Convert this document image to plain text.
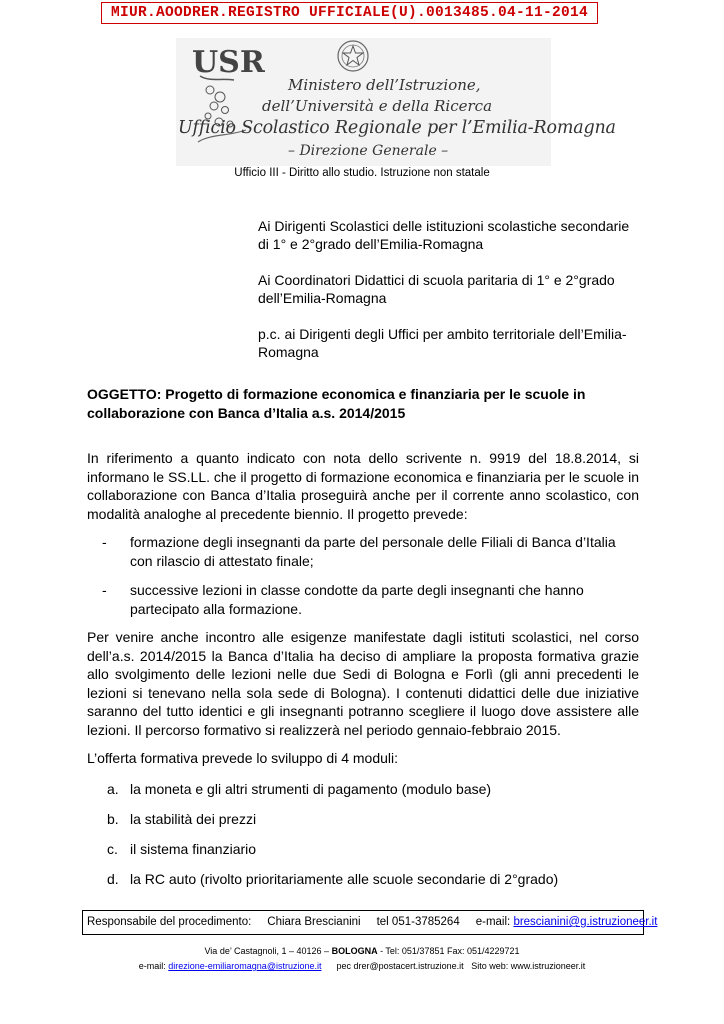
MIUR.AOODRER.REGISTRO UFFICIALE(U).0013485.04-11-2014
USR
Ministero dell’Istruzione,
dell’Università e della Ricerca
Ufficio Scolastico Regionale per l’Emilia-Romagna
– Direzione Generale –
Ufficio III - Diritto allo studio. Istruzione non statale
Ai Dirigenti Scolastici delle istituzioni scolastiche secondarie di 1° e 2°grado dell’Emilia-Romagna
Ai Coordinatori Didattici di scuola paritaria di 1° e 2°grado dell’Emilia-Romagna
p.c. ai Dirigenti degli Uffici per ambito territoriale dell’Emilia-Romagna
OGGETTO: Progetto di formazione economica e finanziaria per le scuole in collaborazione con Banca d’Italia a.s. 2014/2015
In riferimento a quanto indicato con nota dello scrivente n. 9919 del 18.8.2014, si informano le SS.LL. che il progetto di formazione economica e finanziaria per le scuole in collaborazione con Banca d’Italia proseguirà anche per il corrente anno scolastico, con modalità analoghe al precedente biennio. Il progetto prevede:
- formazione degli insegnanti da parte del personale delle Filiali di Banca d’Italia con rilascio di attestato finale;
- successive lezioni in classe condotte da parte degli insegnanti che hanno partecipato alla formazione.
Per venire anche incontro alle esigenze manifestate dagli istituti scolastici, nel corso dell’a.s. 2014/2015 la Banca d’Italia ha deciso di ampliare la proposta formativa grazie allo svolgimento delle lezioni nelle due Sedi di Bologna e Forlì (gli anni precedenti le lezioni si tenevano nella sola sede di Bologna). I contenuti didattici delle due iniziative saranno del tutto identici e gli insegnanti potranno scegliere il luogo dove assistere alle lezioni. Il percorso formativo si realizzerà nel periodo gennaio-febbraio 2015.
L’offerta formativa prevede lo sviluppo di 4 moduli:
a. la moneta e gli altri strumenti di pagamento (modulo base)
b. la stabilità dei prezzi
c. il sistema finanziario
d. la RC auto (rivolto prioritariamente alle scuole secondarie di 2°grado)
Responsabile del procedimento: Chiara Brescianini tel 051-3785264 e-mail: brescianini@g.istruzioneer.it
Via de’ Castagnoli, 1 – 40126 – BOLOGNA - Tel: 051/37851 Fax: 051/4229721
e-mail: direzione-emiliaromagna@istruzione.it pec drer@postacert.istruzione.it Sito web: www.istruzioneer.it
